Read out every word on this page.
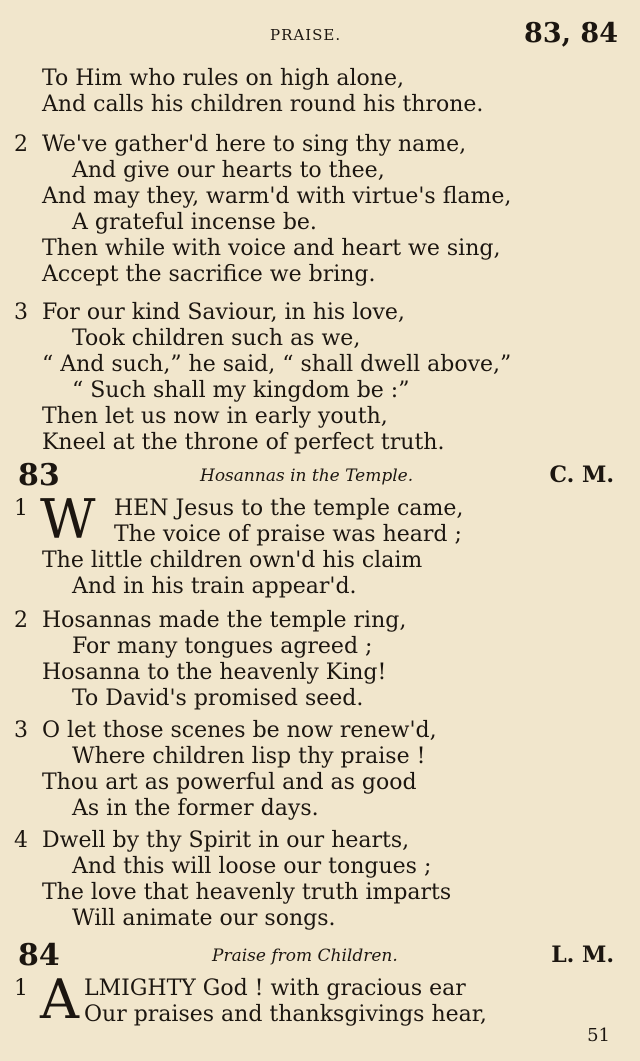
PRAISE.	83, 84
To Him who rules on high alone,
And calls his children round his throne.
2 We've gather'd here to sing thy name,
And give our hearts to thee,
And may they, warm'd with virtue's flame,
A grateful incense be.
Then while with voice and heart we sing,
Accept the sacrifice we bring.
3 For our kind Saviour, in his love,
Took children such as we,
“ And such,” he said, “ shall dwell above,”
“ Such shall my kingdom be :”
Then let us now in early youth,
Kneel at the throne of perfect truth.
83	Hosannas in the Temple.	C. M.
1 W HEN Jesus to the temple came,
The voice of praise was heard ;
The little children own'd his claim
And in his train appear'd.
2 Hosannas made the temple ring,
For many tongues agreed ;
Hosanna to the heavenly King!
To David's promised seed.
3 O let those scenes be now renew'd,
Where children lisp thy praise !
Thou art as powerful and as good
As in the former days.
4 Dwell by thy Spirit in our hearts,
And this will loose our tongues ;
The love that heavenly truth imparts
Will animate our songs.
84	Praise from Children.	L. M.
1 A LMIGHTY God ! with gracious ear
Our praises and thanksgivings hear,
51
